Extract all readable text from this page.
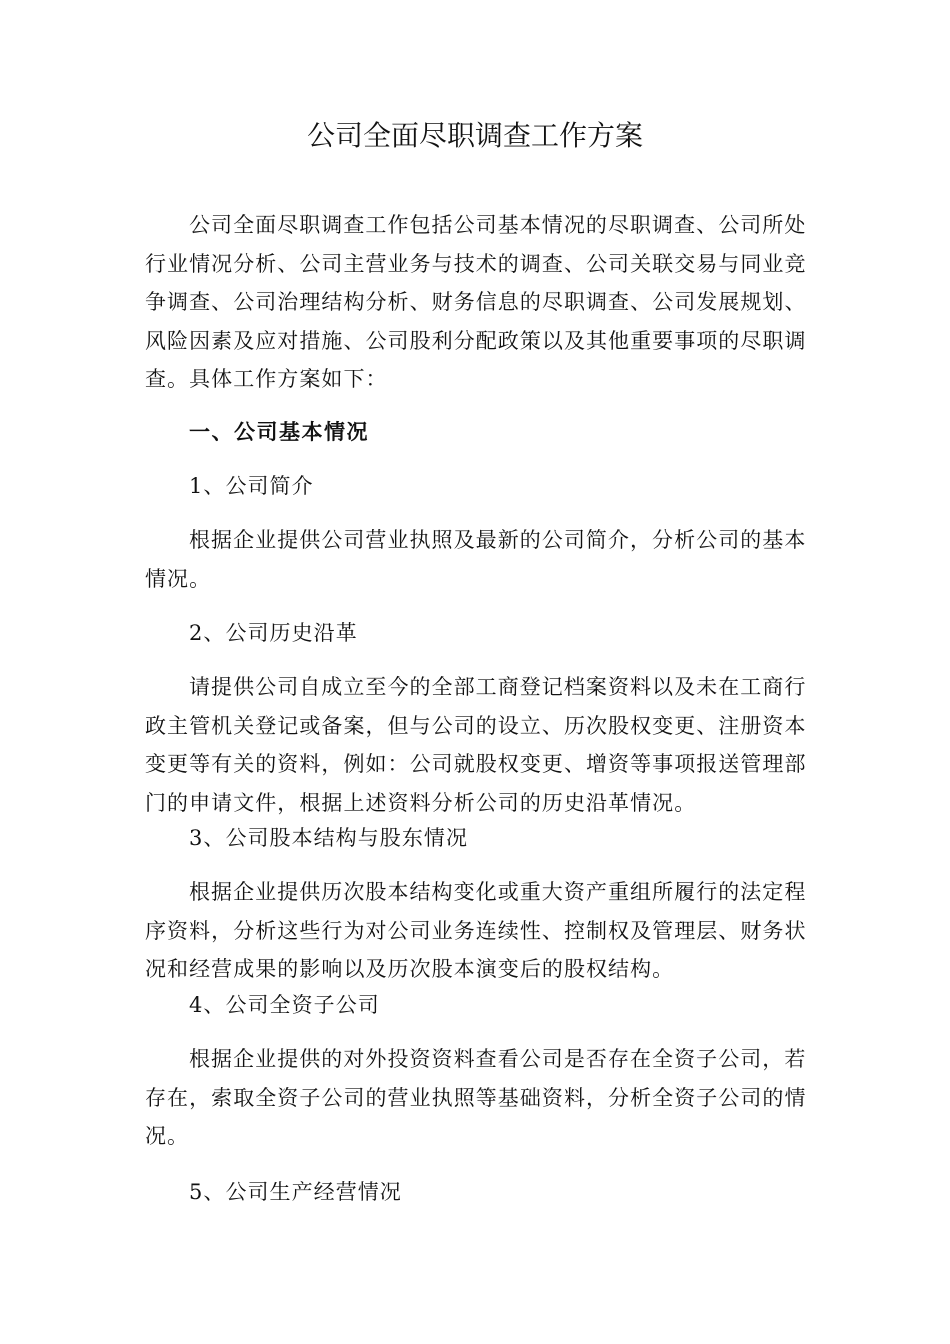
公司全面尽职调查工作方案

公司全面尽职调查工作包括公司基本情况的尽职调查、公司所处行业情况分析、公司主营业务与技术的调查、公司关联交易与同业竞争调查、公司治理结构分析、财务信息的尽职调查、公司发展规划、风险因素及应对措施、公司股利分配政策以及其他重要事项的尽职调查。具体工作方案如下：

一、公司基本情况

1、公司简介

根据企业提供公司营业执照及最新的公司简介，分析公司的基本情况。

2、公司历史沿革

请提供公司自成立至今的全部工商登记档案资料以及未在工商行政主管机关登记或备案，但与公司的设立、历次股权变更、注册资本变更等有关的资料，例如：公司就股权变更、增资等事项报送管理部门的申请文件，根据上述资料分析公司的历史沿革情况。

3、公司股本结构与股东情况

根据企业提供历次股本结构变化或重大资产重组所履行的法定程序资料，分析这些行为对公司业务连续性、控制权及管理层、财务状况和经营成果的影响以及历次股本演变后的股权结构。

4、公司全资子公司

根据企业提供的对外投资资料查看公司是否存在全资子公司，若存在，索取全资子公司的营业执照等基础资料，分析全资子公司的情况。

5、公司生产经营情况
